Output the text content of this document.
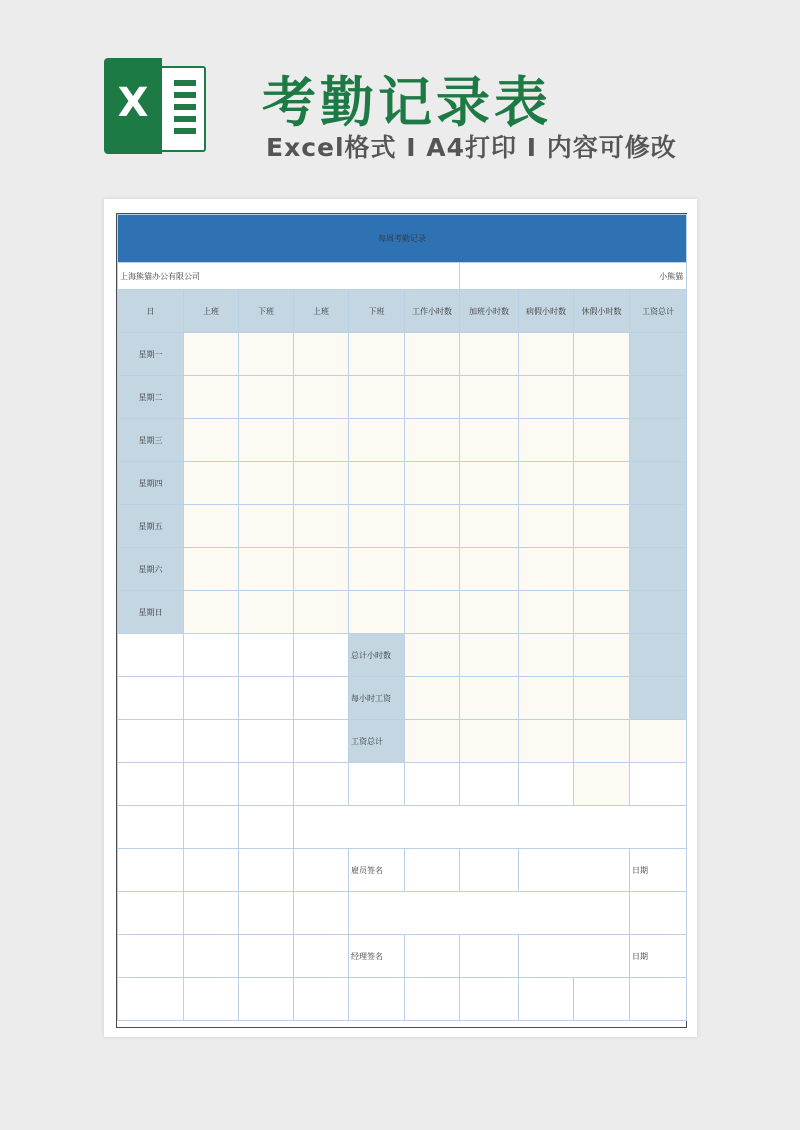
X 考勤记录表
Excel格式 I A4打印 I 内容可修改
每周考勤记录									
上海熊猫办公有限公司						小熊猫			
日	上班	下班	上班	下班	工作小时数	加班小时数	病假小时数	休假小时数	工资总计
星期一									
星期二									
星期三									
星期四									
星期五									
星期六									
星期日									
				总计小时数					
				每小时工资					
				工资总计					

				雇员签名					日期

				经理签名					日期
